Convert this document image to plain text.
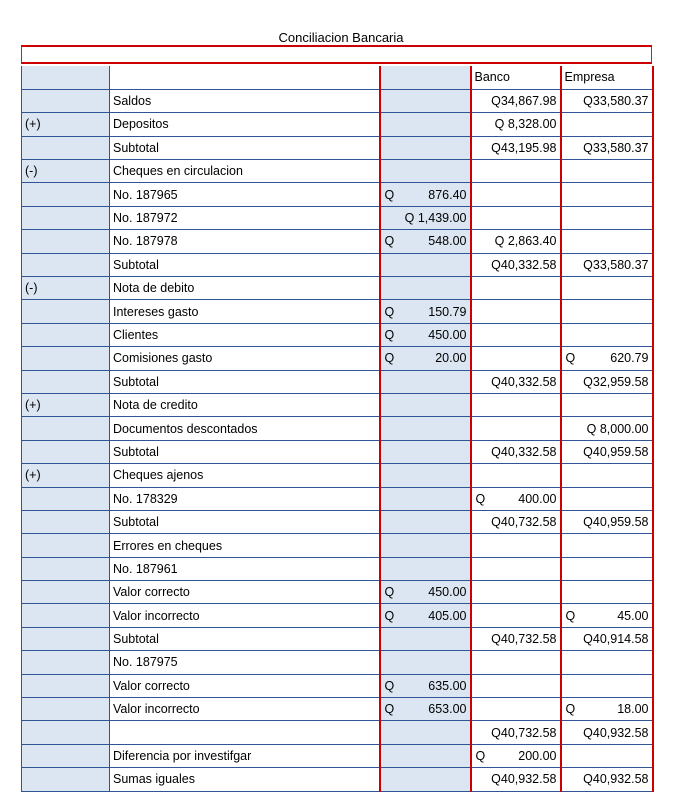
Conciliacion Bancaria
			Banco	Empresa
	Saldos		Q34,867.98	Q33,580.37

(+)	Depositos		Q 8,328.00	

	Subtotal		Q43,195.98	Q33,580.37

(-)	Cheques en circulacion			
	No. 187965	Q 876.40		

	No. 187972	Q 1,439.00		

	No. 187978	Q 548.00	Q 2,863.40	

	Subtotal		Q40,332.58	Q33,580.37

(-)	Nota de debito			
	Intereses gasto	Q 150.79		

	Clientes	Q 450.00		

	Comisiones gasto	Q 20.00		Q 620.79

	Subtotal		Q40,332.58	Q32,959.58

(+)	Nota de credito			
	Documentos descontados			Q 8,000.00

	Subtotal		Q40,332.58	Q40,959.58

(+)	Cheques ajenos			
	No. 178329		Q 400.00	

	Subtotal		Q40,732.58	Q40,959.58

	Errores en cheques			
	No. 187961			
	Valor correcto	Q 450.00		

	Valor incorrecto	Q 405.00		Q 45.00

	Subtotal		Q40,732.58	Q40,914.58

	No. 187975			
	Valor correcto	Q 635.00		

	Valor incorrecto	Q 653.00		Q 18.00

			Q40,732.58	Q40,932.58

	Diferencia por investifgar		Q 200.00	

	Sumas iguales		Q40,932.58	Q40,932.58
